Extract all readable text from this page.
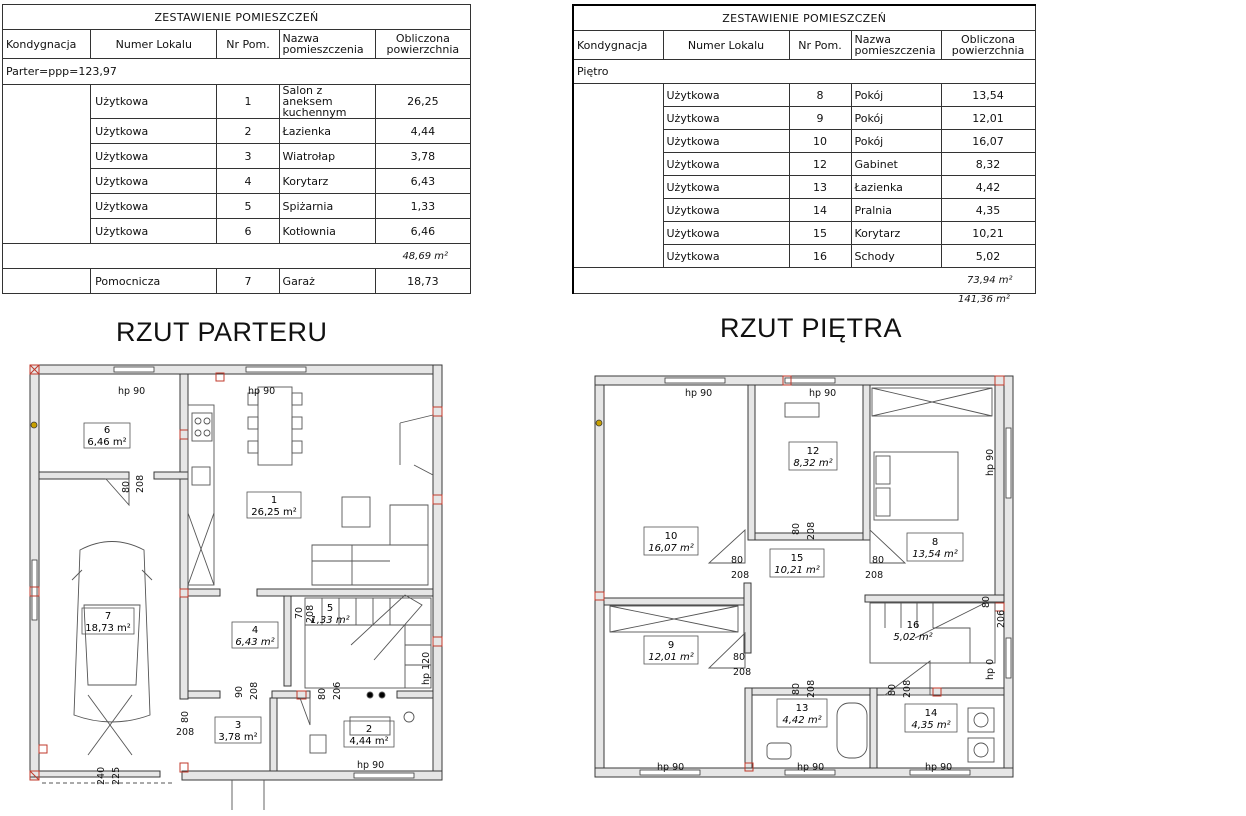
ZESTAWIENIE POMIESZCZEŃ				
Kondygnacja	Numer Lokalu	Nr Pom.	Nazwa pomieszczenia	Obliczona powierzchnia
Parter=ppp=123,97				
	Użytkowa	1	Salon z aneksem kuchennym	26,25
	Użytkowa	2	Łazienka	4,44
	Użytkowa	3	Wiatrołap	3,78
	Użytkowa	4	Korytarz	6,43
	Użytkowa	5	Spiżarnia	1,33
	Użytkowa	6	Kotłownia	6,46
48,69 m²				
	Pomocnicza	7	Garaż	18,73
ZESTAWIENIE POMIESZCZEŃ				
Kondygnacja	Numer Lokalu	Nr Pom.	Nazwa pomieszczenia	Obliczona powierzchnia
Piętro				
	Użytkowa	8	Pokój	13,54
	Użytkowa	9	Pokój	12,01
	Użytkowa	10	Pokój	16,07
	Użytkowa	12	Gabinet	8,32
	Użytkowa	13	Łazienka	4,42
	Użytkowa	14	Pralnia	4,35
	Użytkowa	15	Korytarz	10,21
	Użytkowa	16	Schody	5,02
73,94 m²				
141,36 m²
RZUT PARTERU	RZUT PIĘTRA
6
6,46 m²
1
26,25 m²
7
18,73 m²
5
1,33 m²
4
6,43 m²
3
3,78 m²
2
4,44 m²
hp 90	hp 90
hp 90
hp 120
80 208
90 208	80 206
70 208
80
208
240 225
12
8,32 m²
10
16,07 m²
15
10,21 m²
8
13,54 m²
9
12,01 m²
16
5,02 m²
13
4,42 m²
14
4,35 m²
hp 90	hp 90
hp 90
hp 90	hp 90	hp 90
hp 0
80 208
80
208
80
208
80
208
80 208	80 208
80
206
